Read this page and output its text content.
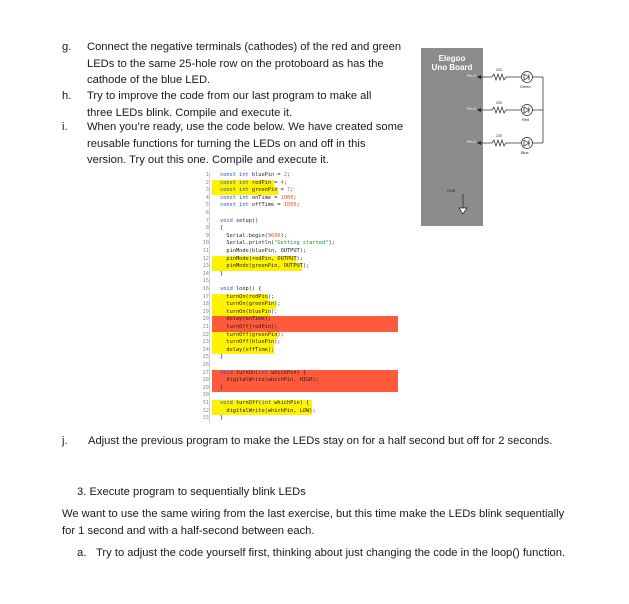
g. Connect the negative terminals (cathodes) of the red and green
LEDs to the same 25-hole row on the protoboard as has the
cathode of the blue LED.
h. Try to improve the code from our last program to make all
three LEDs blink. Compile and execute it.
i. When you’re ready, use the code below. We have created some
reusable functions for turning the LEDs on and off in this
version. Try out this one. Compile and execute it.
Elegoo
Uno Board
Pin 4
Pin 3
Pin 2
GND
220
220
220
Green
Red
Blue
1 const int bluePin = 2;
2 const int redPin = 4;
3 const int greenPin = 7;
4 const int onTime = 1000;
5 const int offTime = 1000;
6
7 void setup()
8 {
9 Serial.begin(9600);
10 Serial.println("Getting started");
11 pinMode(bluePin, OUTPUT);
12 pinMode(redPin, OUTPUT);
13 pinMode(greenPin, OUTPUT);
14 }
15
16 void loop() {
17 turnOn(redPin);
18 turnOn(greenPin);
19 turnOn(bluePin);
20 delay(onTime);
21 turnOff(redPin);
22 turnOff(greenPin);
23 turnOff(bluePin);
24 delay(offTime);
25 }
26
27 void turnOn(int whichPin) {
28 digitalWrite(whichPin, HIGH);
29 }
30
31 void turnOff(int whichPin) {
32 digitalWrite(whichPin, LOW);
33 }
j. Adjust the previous program to make the LEDs stay on for a half second but off for 2 seconds.
3. Execute program to sequentially blink LEDs
We want to use the same wiring from the last exercise, but this time make the LEDs blink sequentially
for 1 second and with a half-second between each.
a. Try to adjust the code yourself first, thinking about just changing the code in the loop() function.
